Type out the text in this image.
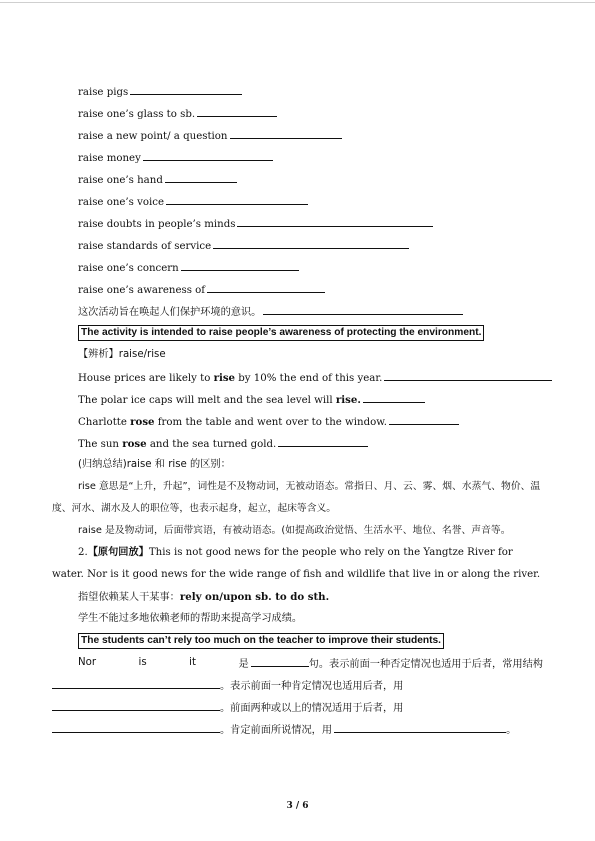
raise pigs
raise one’s glass to sb.
raise a new point/ a question
raise money
raise one’s hand
raise one’s voice
raise doubts in people’s minds
raise standards of service
raise one’s concern
raise one’s awareness of
这次活动旨在唤起人们保护环境的意识。
The activity is intended to raise people’s awareness of protecting the environment.
【辨析】raise/rise
House prices are likely to rise by 10% the end of this year.
The polar ice caps will melt and the sea level will rise.
Charlotte rose from the table and went over to the window.
The sun rose and the sea turned gold.
(归纳总结)raise 和 rise 的区别：
rise 意思是“上升，升起”，词性是不及物动词，无被动语态。常指日、月、云、雾、烟、水蒸气、物价、温度、河水、湖水及人的职位等，也表示起身，起立，起床等含义。
raise 是及物动词，后面带宾语，有被动语态。(如提高政治觉悟、生活水平、地位、名誉、声音等。
2.【原句回放】This is not good news for the people who rely on the Yangtze River for water. Nor is it good news for the wide range of fish and wildlife that live in or along the river.
指望依赖某人干某事：rely on/upon sb. to do sth.
学生不能过多地依赖老师的帮助来提高学习成绩。
The students can’t rely too much on the teacher to improve their students.
Nor	is	it	是	句。表示前面一种否定情况也适用于后者，常用结构
。表示前面一种肯定情况也适用后者，用
。前面两种或以上的情况适用于后者，用
。肯定前面所说情况，用	。
3 / 6
